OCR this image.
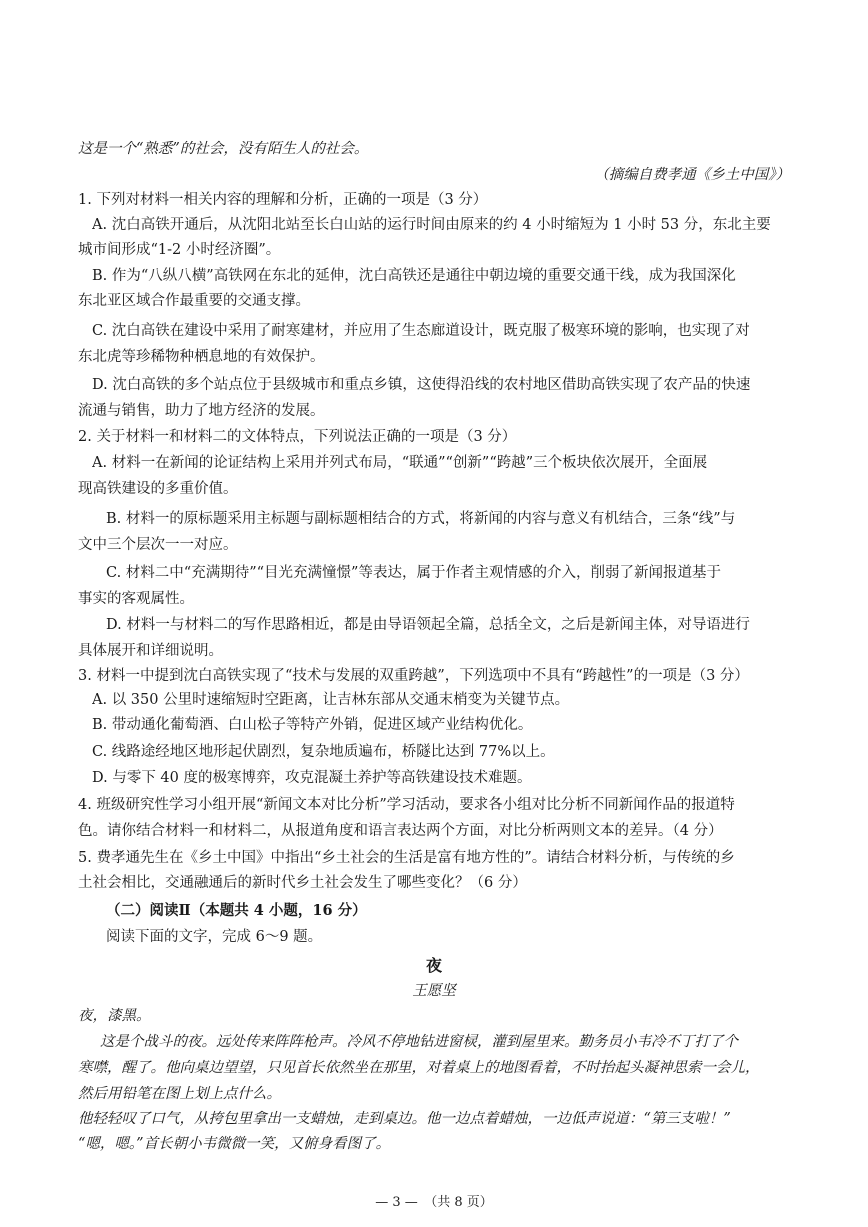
这是一个“熟悉”的社会，没有陌生人的社会。
（摘编自费孝通《乡土中国》）
1. 下列对材料一相关内容的理解和分析，正确的一项是（3 分）
A. 沈白高铁开通后，从沈阳北站至长白山站的运行时间由原来的约 4 小时缩短为 1 小时 53 分，东北主要
城市间形成“1-2 小时经济圈”。
B. 作为“八纵八横”高铁网在东北的延伸，沈白高铁还是通往中朝边境的重要交通干线，成为我国深化
东北亚区域合作最重要的交通支撑。
C. 沈白高铁在建设中采用了耐寒建材，并应用了生态廊道设计，既克服了极寒环境的影响，也实现了对
东北虎等珍稀物种栖息地的有效保护。
D. 沈白高铁的多个站点位于县级城市和重点乡镇，这使得沿线的农村地区借助高铁实现了农产品的快速
流通与销售，助力了地方经济的发展。
2. 关于材料一和材料二的文体特点，下列说法正确的一项是（3 分）
A. 材料一在新闻的论证结构上采用并列式布局，“联通”“创新”“跨越”三个板块依次展开，全面展
现高铁建设的多重价值。
B. 材料一的原标题采用主标题与副标题相结合的方式，将新闻的内容与意义有机结合，三条“线”与
文中三个层次一一对应。
C. 材料二中“充满期待”“目光充满憧憬”等表达，属于作者主观情感的介入，削弱了新闻报道基于
事实的客观属性。
D. 材料一与材料二的写作思路相近，都是由导语领起全篇，总括全文，之后是新闻主体，对导语进行
具体展开和详细说明。
3. 材料一中提到沈白高铁实现了“技术与发展的双重跨越”，下列选项中不具有“跨越性”的一项是（3 分）
A. 以 350 公里时速缩短时空距离，让吉林东部从交通末梢变为关键节点。
B. 带动通化葡萄酒、白山松子等特产外销，促进区域产业结构优化。
C. 线路途经地区地形起伏剧烈，复杂地质遍布，桥隧比达到 77%以上。
D. 与零下 40 度的极寒博弈，攻克混凝土养护等高铁建设技术难题。
4. 班级研究性学习小组开展“新闻文本对比分析”学习活动，要求各小组对比分析不同新闻作品的报道特
色。请你结合材料一和材料二，从报道角度和语言表达两个方面，对比分析两则文本的差异。（4 分）
5. 费孝通先生在《乡土中国》中指出“乡土社会的生活是富有地方性的”。请结合材料分析，与传统的乡
土社会相比，交通融通后的新时代乡土社会发生了哪些变化？（6 分）
（二）阅读Ⅱ（本题共 4 小题，16 分）
阅读下面的文字，完成 6～9 题。
夜
王愿坚
夜，漆黑。
这是个战斗的夜。远处传来阵阵枪声。冷风不停地钻进窗棂，灌到屋里来。勤务员小韦冷不丁打了个
寒噤，醒了。他向桌边望望，只见首长依然坐在那里，对着桌上的地图看着，不时抬起头凝神思索一会儿，
然后用铅笔在图上划上点什么。
他轻轻叹了口气，从挎包里拿出一支蜡烛，走到桌边。他一边点着蜡烛，一边低声说道：“第三支啦！”
“嗯，嗯。”首长朝小韦微微一笑，又俯身看图了。
— 3 —　（共 8 页）
